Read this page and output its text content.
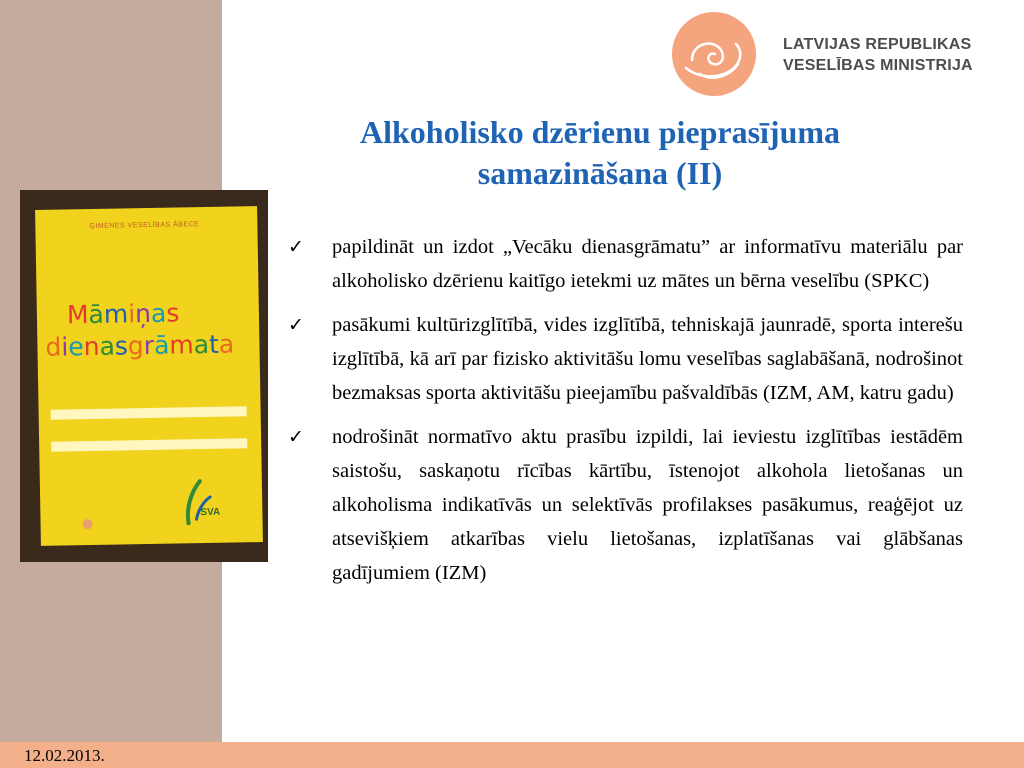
12.02.2013.
LATVIJAS REPUBLIKAS
VESELĪBAS MINISTRIJA
Alkoholisko dzērienu pieprasījuma
samazināšana (II)
ĢIMENES VESELĪBAS ĀBECE
Māmiņas
dienasgrāmata

SVA
✓ papildināt un izdot „Vecāku dienasgrāmatu” ar informatīvu materiālu par alkoholisko dzērienu kaitīgo ietekmi uz mātes un bērna veselību (SPKC)
✓ pasākumi kultūrizglītībā, vides izglītībā, tehniskajā jaunradē, sporta interešu izglītībā, kā arī par fizisko aktivitāšu lomu veselības saglabāšanā, nodrošinot bezmaksas sporta aktivitāšu pieejamību pašvaldībās (IZM, AM, katru gadu)
✓ nodrošināt normatīvo aktu prasību izpildi, lai ieviestu izglītības iestādēm saistošu, saskaņotu rīcības kārtību, īstenojot alkohola lietošanas un alkoholisma indikatīvās un selektīvās profilakses pasākumus, reaģējot uz atsevišķiem atkarības vielu lietošanas, izplatīšanas vai glābšanas gadījumiem (IZM)
